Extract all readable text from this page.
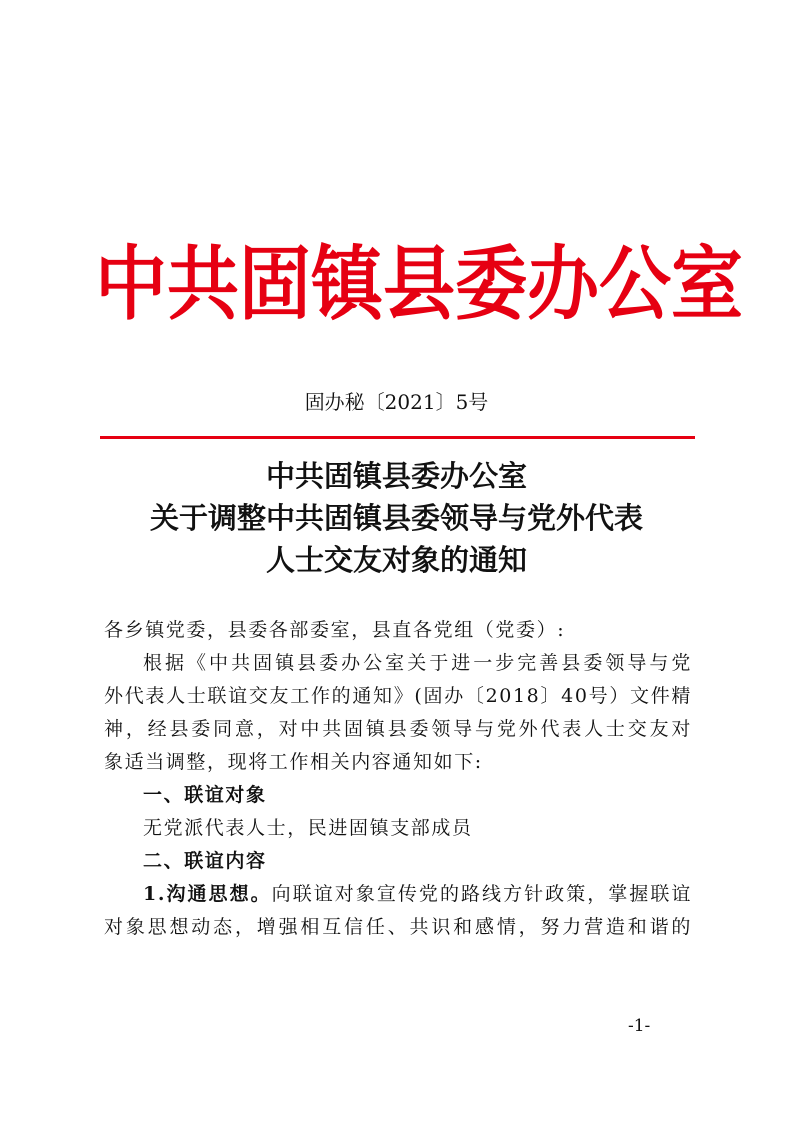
中共固镇县委办公室
固办秘〔2021〕5号
中共固镇县委办公室
关于调整中共固镇县委领导与党外代表
人士交友对象的通知
各乡镇党委，县委各部委室，县直各党组（党委）:
根据《中共固镇县委办公室关于进一步完善县委领导与党
外代表人士联谊交友工作的通知》(固办〔2018〕40号）文件精
神，经县委同意，对中共固镇县委领导与党外代表人士交友对
象适当调整，现将工作相关内容通知如下:
一、联谊对象
无党派代表人士，民进固镇支部成员
二、联谊内容
1.沟通思想。向联谊对象宣传党的路线方针政策，掌握联谊
对象思想动态，增强相互信任、共识和感情，努力营造和谐的
-1-
